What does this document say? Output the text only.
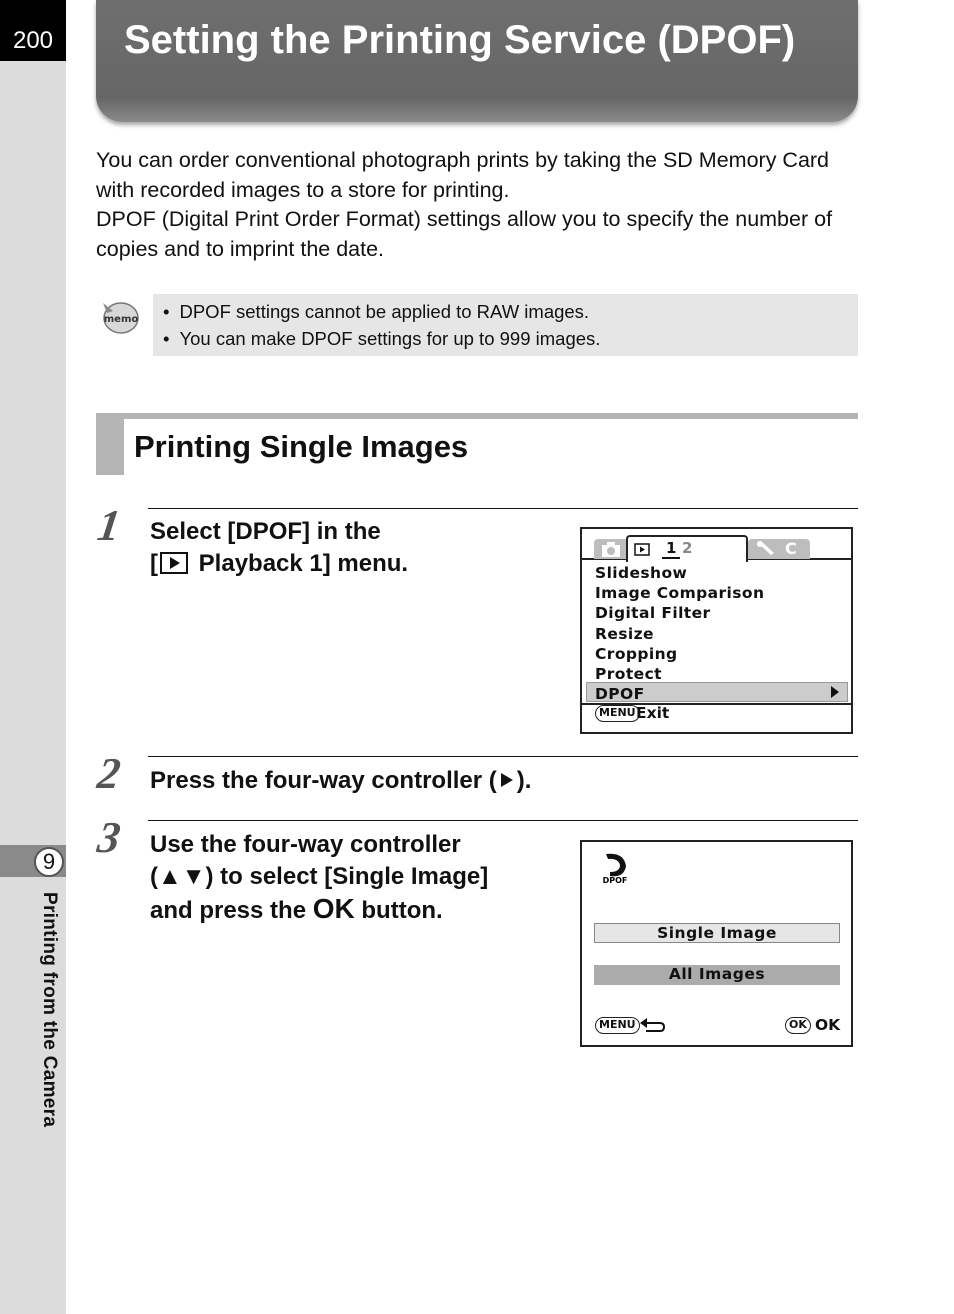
200
9
Printing from the Camera
Setting the Printing Service (DPOF)

You can order conventional photograph prints by taking the SD Memory Card with recorded images to a store for printing.

DPOF (Digital Print Order Format) settings allow you to specify the number of copies and to imprint the date.

memo
•	DPOF settings cannot be applied to RAW images.
• You can make DPOF settings for up to 999 images.
Printing Single Images
1 Select [DPOF] in the
[ Playback 1] menu.
C
1 2
Slideshow
Image Comparison
Digital Filter
Resize
Cropping
Protect
DPOF
MENU Exit
2 Press the four-way controller ( ).
3 Use the four-way controller
(▲▼) to select [Single Image]
and press the OK button.
DPOF
Single Image
All Images
MENU	OK OK
